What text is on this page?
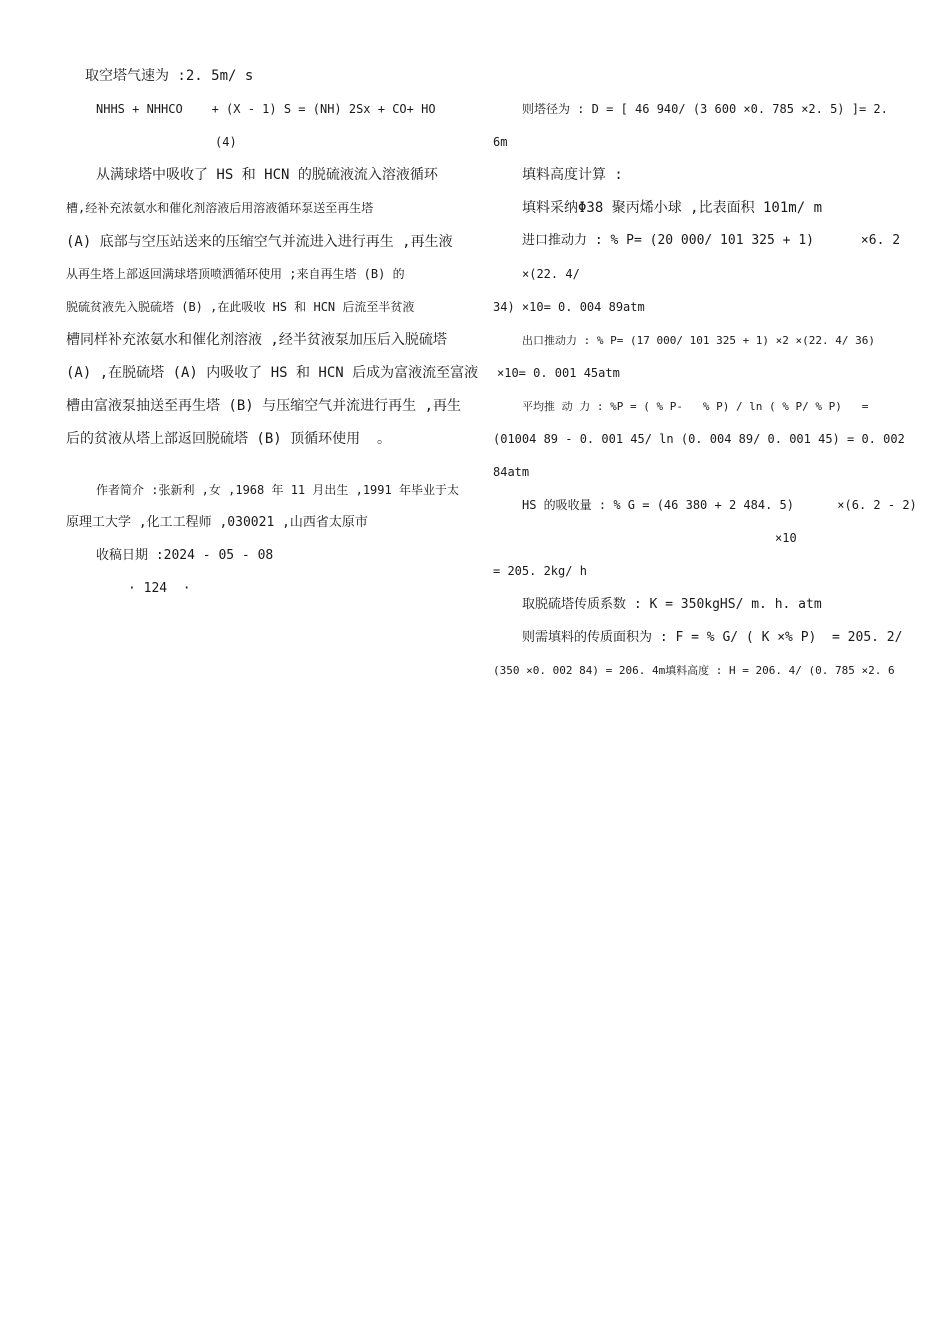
取空塔气速为 :2. 5m/ s
NHHS + NHHCO    + (X - 1) S = (NH) 2Sx + CO+ HO
(4)
从满球塔中吸收了 HS 和 HCN 的脱硫液流入溶液循环
槽,经补充浓氨水和催化剂溶液后用溶液循环泵送至再生塔
(A) 底部与空压站送来的压缩空气并流进入进行再生 ,再生液
从再生塔上部返回满球塔顶喷洒循环使用 ;来自再生塔 (B) 的
脱硫贫液先入脱硫塔 (B) ,在此吸收 HS 和 HCN 后流至半贫液
槽同样补充浓氨水和催化剂溶液 ,经半贫液泵加压后入脱硫塔
(A) ,在脱硫塔 (A) 内吸收了 HS 和 HCN 后成为富液流至富液
槽由富液泵抽送至再生塔 (B) 与压缩空气并流进行再生 ,再生
后的贫液从塔上部返回脱硫塔 (B) 顶循环使用  。
作者简介 :张新利 ,女 ,1968 年 11 月出生 ,1991 年毕业于太
原理工大学 ,化工工程师 ,030021 ,山西省太原市
收稿日期 :2024 - 05 - 08
· 124  ·
则塔径为 : D = [ 46 940/ (3 600 ×0. 785 ×2. 5) ]= 2.
6m
填料高度计算 :
填料采纳Φ38 聚丙烯小球 ,比表面积 101m/ m
进口推动力 : % P= (20 000/ 101 325 + 1)      ×6. 2
×(22. 4/
34) ×10= 0. 004 89atm
出口推动力 : % P= (17 000/ 101 325 + 1) ×2 ×(22. 4/ 36)
×10= 0. 001 45atm
平均推 动 力 : %P = ( % P-   % P) / ln ( % P/ % P)   =
(01004 89 - 0. 001 45/ ln (0. 004 89/ 0. 001 45) = 0. 002
84atm
HS 的吸收量 : % G = (46 380 + 2 484. 5)      ×(6. 2 - 2)
×10
= 205. 2kg/ h
取脱硫塔传质系数 : K = 350kgHS/ m. h. atm
则需填料的传质面积为 : F = % G/ ( K ×% P)  = 205. 2/
(350 ×0. 002 84) = 206. 4m填料高度 : H = 206. 4/ (0. 785 ×2. 6
